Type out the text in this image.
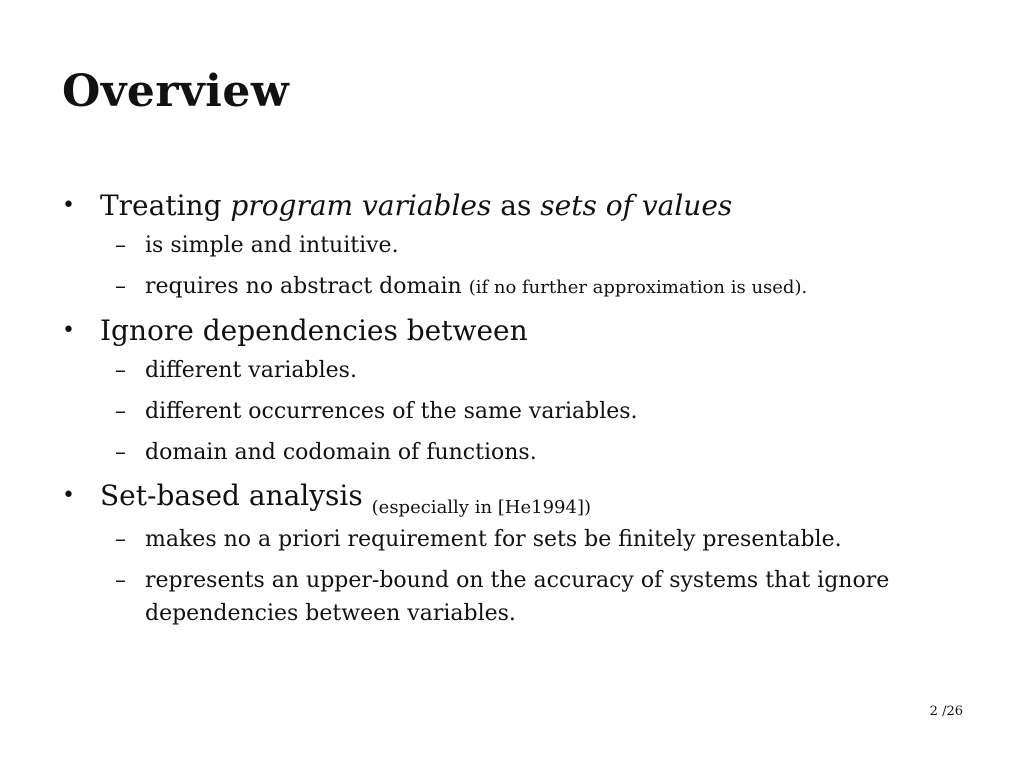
Overview
• Treating program variables as sets of values
– is simple and intuitive.
– requires no abstract domain (if no further approximation is used).
• Ignore dependencies between
– different variables.
– different occurrences of the same variables.
– domain and codomain of functions.
• Set-based analysis $_{(especially in [He1994])}$
– makes no a priori requirement for sets be finitely presentable.
– represents an upper-bound on the accuracy of systems that ignore dependencies between variables.
2 /26
